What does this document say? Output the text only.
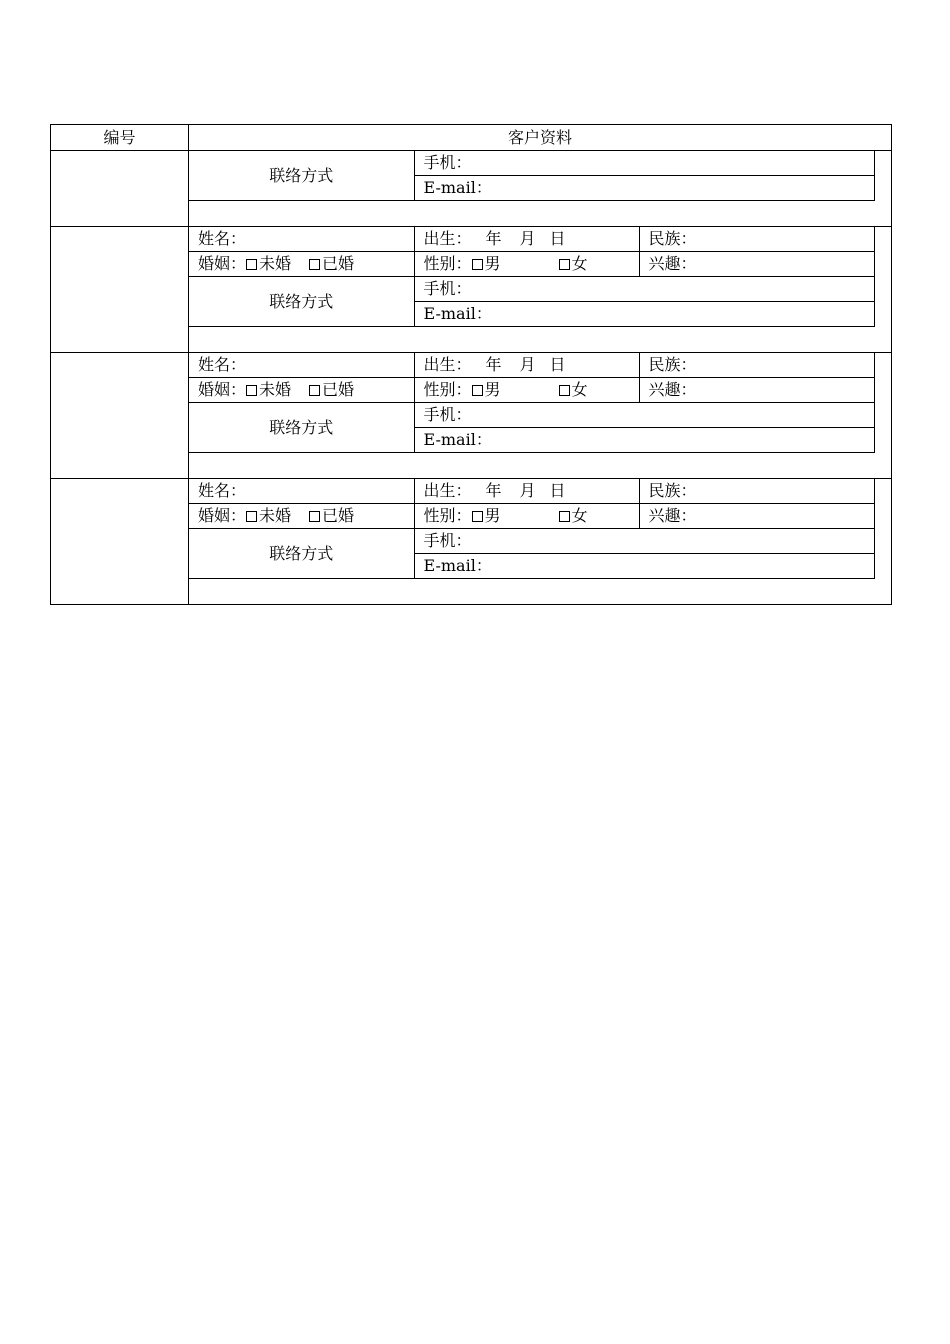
编号	客户资料

联络方式	手机：
E-mail：

姓名：	出生： 年 月 日	民族：
婚姻： 未婚 已婚	性别： 男	女	兴趣：
联络方式	手机：
E-mail：

姓名：	出生： 年 月 日	民族：
婚姻： 未婚 已婚	性别： 男	女	兴趣：
联络方式	手机：
E-mail：

姓名：	出生： 年 月 日	民族：
婚姻： 未婚 已婚	性别： 男	女	兴趣：
联络方式	手机：
E-mail：
